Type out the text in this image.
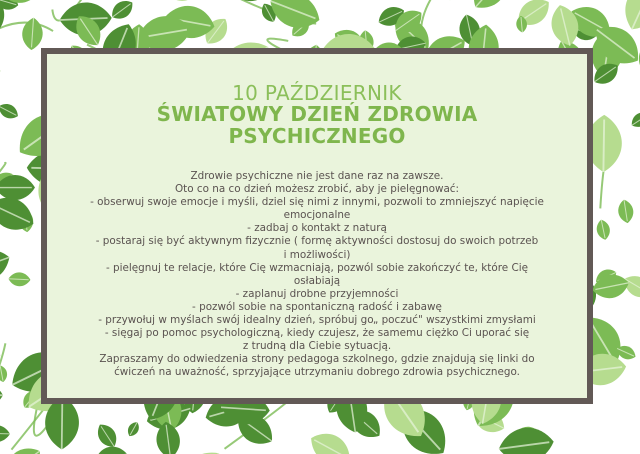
10 PAŹDZIERNIK
ŚWIATOWY DZIEŃ ZDROWIA
PSYCHICZNEGO
Zdrowie psychiczne nie jest dane raz na zawsze.
Oto co na co dzień możesz zrobić, aby je pielęgnować:
- obserwuj swoje emocje i myśli, dziel się nimi z innymi, pozwoli to zmniejszyć napięcie
emocjonalne
- zadbaj o kontakt z naturą
- postaraj się być aktywnym fizycznie ( formę aktywności dostosuj do swoich potrzeb
i możliwości)
- pielęgnuj te relacje, które Cię wzmacniają, pozwól sobie zakończyć te, które Cię
osłabiają
- zaplanuj drobne przyjemności
- pozwól sobie na spontaniczną radość i zabawę
- przywołuj w myślach swój idealny dzień, spróbuj go„ poczuć" wszystkimi zmysłami
- sięgaj po pomoc psychologiczną, kiedy czujesz, że samemu ciężko Ci uporać się
z trudną dla Ciebie sytuacją.
Zapraszamy do odwiedzenia strony pedagoga szkolnego, gdzie znajdują się linki do
ćwiczeń na uważność, sprzyjające utrzymaniu dobrego zdrowia psychicznego.
